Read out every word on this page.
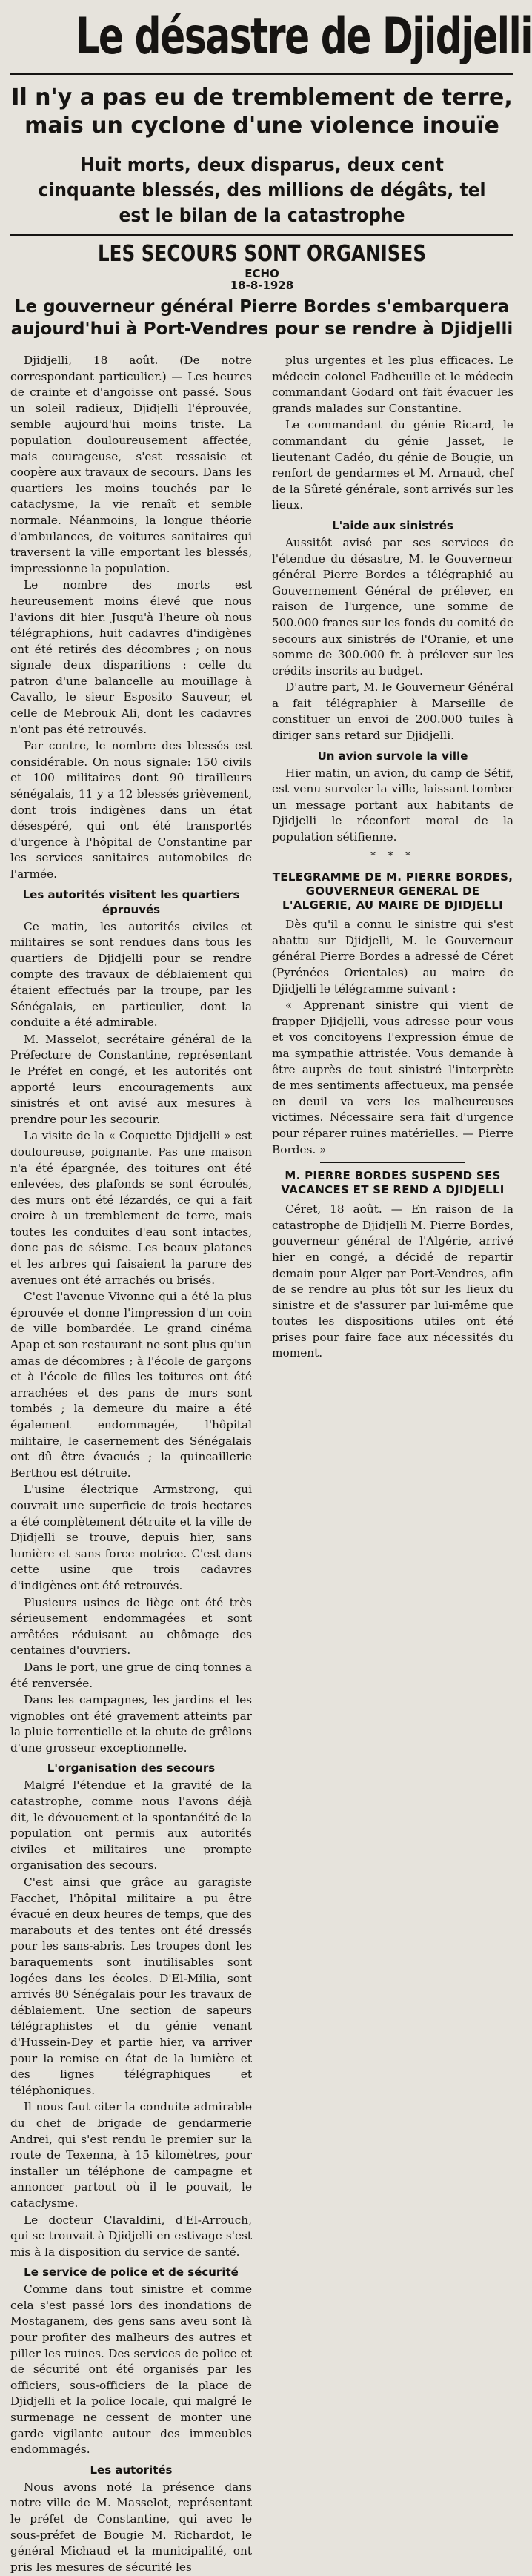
Le désastre de Djidjelli
Il n'y a pas eu de tremblement de terre, mais un cyclone d'une violence inouïe
Huit morts, deux disparus, deux cent cinquante blessés, des millions de dégâts, tel est le bilan de la catastrophe
LES SECOURS SONT ORGANISES
ECHO
18-8-1928
Le gouverneur général Pierre Bordes s'embarquera aujourd'hui à Port-Vendres pour se rendre à Djidjelli

Djidjelli, 18 août. (De notre correspondant particulier.) — Les heures de crainte et d'angoisse ont passé. Sous un soleil radieux, Djidjelli l'éprouvée, semble aujourd'hui moins triste. La population douloureusement affectée, mais courageuse, s'est ressaisie et coopère aux travaux de secours. Dans les quartiers les moins touchés par le cataclysme, la vie renaît et semble normale. Néanmoins, la longue théorie d'ambulances, de voitures sanitaires qui traversent la ville emportant les blessés, impressionne la population.

Le nombre des morts est heureusement moins élevé que nous l'avions dit hier. Jusqu'à l'heure où nous télégraphions, huit cadavres d'indigènes ont été retirés des décombres ; on nous signale deux disparitions : celle du patron d'une balancelle au mouillage à Cavallo, le sieur Esposito Sauveur, et celle de Mebrouk Ali, dont les cadavres n'ont pas été retrouvés.

Par contre, le nombre des blessés est considérable. On nous signale: 150 civils et 100 militaires dont 90 tirailleurs sénégalais, 11 y a 12 blessés grièvement, dont trois indigènes dans un état désespéré, qui ont été transportés d'urgence à l'hôpital de Constantine par les services sanitaires automobiles de l'armée.

Les autorités visitent les quartiers éprouvés

Ce matin, les autorités civiles et militaires se sont rendues dans tous les quartiers de Djidjelli pour se rendre compte des travaux de déblaiement qui étaient effectués par la troupe, par les Sénégalais, en particulier, dont la conduite a été admirable.

M. Masselot, secrétaire général de la Préfecture de Constantine, représentant le Préfet en congé, et les autorités ont apporté leurs encouragements aux sinistrés et ont avisé aux mesures à prendre pour les secourir.

La visite de la « Coquette Djidjelli » est douloureuse, poignante. Pas une maison n'a été épargnée, des toitures ont été enlevées, des plafonds se sont écroulés, des murs ont été lézardés, ce qui a fait croire à un tremblement de terre, mais toutes les conduites d'eau sont intactes, donc pas de séisme. Les beaux platanes et les arbres qui faisaient la parure des avenues ont été arrachés ou brisés.

C'est l'avenue Vivonne qui a été la plus éprouvée et donne l'impression d'un coin de ville bombardée. Le grand cinéma Apap et son restaurant ne sont plus qu'un amas de décombres ; à l'école de garçons et à l'école de filles les toitures ont été arrachées et des pans de murs sont tombés ; la demeure du maire a été également endommagée, l'hôpital militaire, le casernement des Sénégalais ont dû être évacués ; la quincaillerie Berthou est détruite.

L'usine électrique Armstrong, qui couvrait une superficie de trois hectares a été complètement détruite et la ville de Djidjelli se trouve, depuis hier, sans lumière et sans force motrice. C'est dans cette usine que trois cadavres d'indigènes ont été retrouvés.

Plusieurs usines de liège ont été très sérieusement endommagées et sont arrêtées réduisant au chômage des centaines d'ouvriers.

Dans le port, une grue de cinq tonnes a été renversée.

Dans les campagnes, les jardins et les vignobles ont été gravement atteints par la pluie torrentielle et la chute de grêlons d'une grosseur exceptionnelle.

L'organisation des secours

Malgré l'étendue et la gravité de la catastrophe, comme nous l'avons déjà dit, le dévouement et la spontanéité de la population ont permis aux autorités civiles et militaires une prompte organisation des secours.

C'est ainsi que grâce au garagiste Facchet, l'hôpital militaire a pu être évacué en deux heures de temps, que des marabouts et des tentes ont été dressés pour les sans-abris. Les troupes dont les baraquements sont inutilisables sont logées dans les écoles. D'El-Milia, sont arrivés 80 Sénégalais pour les travaux de déblaiement. Une section de sapeurs télégraphistes et du génie venant d'Hussein-Dey et partie hier, va arriver pour la remise en état de la lumière et des lignes télégraphiques et téléphoniques.

Il nous faut citer la conduite admirable du chef de brigade de gendarmerie Andrei, qui s'est rendu le premier sur la route de Texenna, à 15 kilomètres, pour installer un téléphone de campagne et annoncer partout où il le pouvait, le cataclysme.

Le docteur Clavaldini, d'El-Arrouch, qui se trouvait à Djidjelli en estivage s'est mis à la disposition du service de santé.

Le service de police et de sécurité

Comme dans tout sinistre et comme cela s'est passé lors des inondations de Mostaganem, des gens sans aveu sont là pour profiter des malheurs des autres et piller les ruines. Des services de police et de sécurité ont été organisés par les officiers, sous-officiers de la place de Djidjelli et la police locale, qui malgré le surmenage ne cessent de monter une garde vigilante autour des immeubles endommagés.

Les autorités

Nous avons noté la présence dans notre ville de M. Masselot, représentant le préfet de Constantine, qui avec le sous-préfet de Bougie M. Richardot, le général Michaud et la municipalité, ont pris les mesures de sécurité les

plus urgentes et les plus efficaces. Le médecin colonel Fadheuille et le médecin commandant Godard ont fait évacuer les grands malades sur Constantine.

Le commandant du génie Ricard, le commandant du génie Jasset, le lieutenant Cadéo, du génie de Bougie, un renfort de gendarmes et M. Arnaud, chef de la Sûreté générale, sont arrivés sur les lieux.

L'aide aux sinistrés

Aussitôt avisé par ses services de l'étendue du désastre, M. le Gouverneur général Pierre Bordes a télégraphié au Gouvernement Général de prélever, en raison de l'urgence, une somme de 500.000 francs sur les fonds du comité de secours aux sinistrés de l'Oranie, et une somme de 300.000 fr. à prélever sur les crédits inscrits au budget.

D'autre part, M. le Gouverneur Général a fait télégraphier à Marseille de constituer un envoi de 200.000 tuiles à diriger sans retard sur Djidjelli.

Un avion survole la ville

Hier matin, un avion, du camp de Sétif, est venu survoler la ville, laissant tomber un message portant aux habitants de Djidjelli le réconfort moral de la population sétifienne.

* * *
TELEGRAMME DE M. PIERRE BORDES, GOUVERNEUR GENERAL DE L'ALGERIE, AU MAIRE DE DJIDJELLI

Dès qu'il a connu le sinistre qui s'est abattu sur Djidjelli, M. le Gouverneur général Pierre Bordes a adressé de Céret (Pyrénées Orientales) au maire de Djidjelli le télégramme suivant :

« Apprenant sinistre qui vient de frapper Djidjelli, vous adresse pour vous et vos concitoyens l'expression émue de ma sympathie attristée. Vous demande à être auprès de tout sinistré l'interprète de mes sentiments affectueux, ma pensée en deuil va vers les malheureuses victimes. Nécessaire sera fait d'urgence pour réparer ruines matérielles. — Pierre Bordes. »

M. PIERRE BORDES SUSPEND SES VACANCES ET SE REND A DJIDJELLI

Céret, 18 août. — En raison de la catastrophe de Djidjelli M. Pierre Bordes, gouverneur général de l'Algérie, arrivé hier en congé, a décidé de repartir demain pour Alger par Port-Vendres, afin de se rendre au plus tôt sur les lieux du sinistre et de s'assurer par lui-même que toutes les dispositions utiles ont été prises pour faire face aux nécessités du moment.
